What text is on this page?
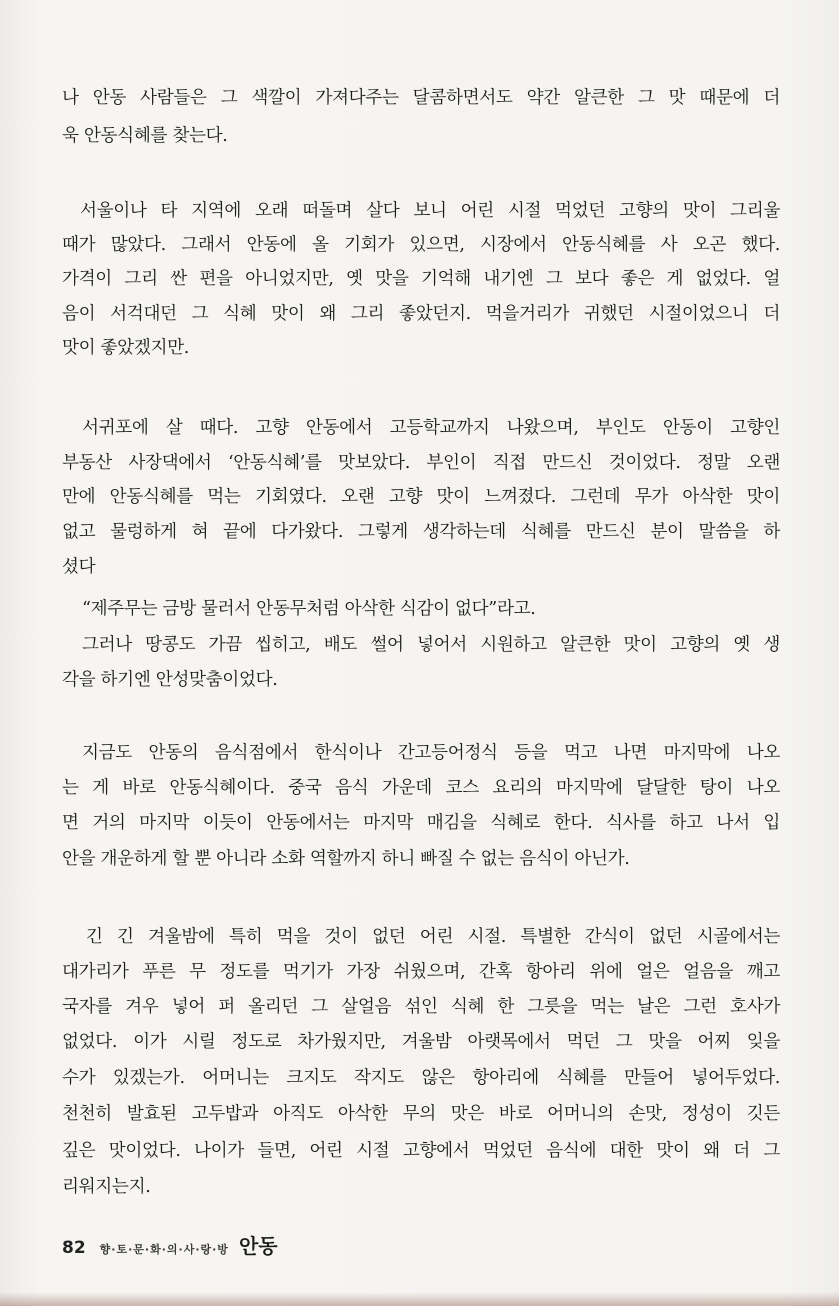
나 안동 사람들은 그 색깔이 가져다주는 달콤하면서도 약간 알큰한 그 맛 때문에 더
욱 안동식혜를 찾는다.
서울이나 타 지역에 오래 떠돌며 살다 보니 어린 시절 먹었던 고향의 맛이 그리울
때가 많았다. 그래서 안동에 올 기회가 있으면, 시장에서 안동식혜를 사 오곤 했다.
가격이 그리 싼 편을 아니었지만, 옛 맛을 기억해 내기엔 그 보다 좋은 게 없었다. 얼
음이 서걱대던 그 식혜 맛이 왜 그리 좋았던지. 먹을거리가 귀했던 시절이었으니 더
맛이 좋았겠지만.
서귀포에 살 때다. 고향 안동에서 고등학교까지 나왔으며, 부인도 안동이 고향인
부동산 사장댁에서 ‘안동식혜’를 맛보았다. 부인이 직접 만드신 것이었다. 정말 오랜
만에 안동식혜를 먹는 기회였다. 오랜 고향 맛이 느껴졌다. 그런데 무가 아삭한 맛이
없고 물렁하게 혀 끝에 다가왔다. 그렇게 생각하는데 식혜를 만드신 분이 말씀을 하
셨다
“제주무는 금방 물러서 안동무처럼 아삭한 식감이 없다”라고.
그러나 땅콩도 가끔 씹히고, 배도 썰어 넣어서 시원하고 알큰한 맛이 고향의 옛 생
각을 하기엔 안성맞춤이었다.
지금도 안동의 음식점에서 한식이나 간고등어정식 등을 먹고 나면 마지막에 나오
는 게 바로 안동식혜이다. 중국 음식 가운데 코스 요리의 마지막에 달달한 탕이 나오
면 거의 마지막 이듯이 안동에서는 마지막 매김을 식혜로 한다. 식사를 하고 나서 입
안을 개운하게 할 뿐 아니라 소화 역할까지 하니 빠질 수 없는 음식이 아닌가.
긴 긴 겨울밤에 특히 먹을 것이 없던 어린 시절. 특별한 간식이 없던 시골에서는
대가리가 푸른 무 정도를 먹기가 가장 쉬웠으며, 간혹 항아리 위에 얼은 얼음을 깨고
국자를 겨우 넣어 퍼 올리던 그 살얼음 섞인 식혜 한 그릇을 먹는 날은 그런 호사가
없었다. 이가 시릴 정도로 차가웠지만, 겨울밤 아랫목에서 먹던 그 맛을 어찌 잊을
수가 있겠는가. 어머니는 크지도 작지도 않은 항아리에 식혜를 만들어 넣어두었다.
천천히 발효된 고두밥과 아직도 아삭한 무의 맛은 바로 어머니의 손맛, 정성이 깃든
깊은 맛이었다. 나이가 들면, 어린 시절 고향에서 먹었던 음식에 대한 맛이 왜 더 그
리워지는지.
82 향·토·문·화·의·사·랑·방 안동
